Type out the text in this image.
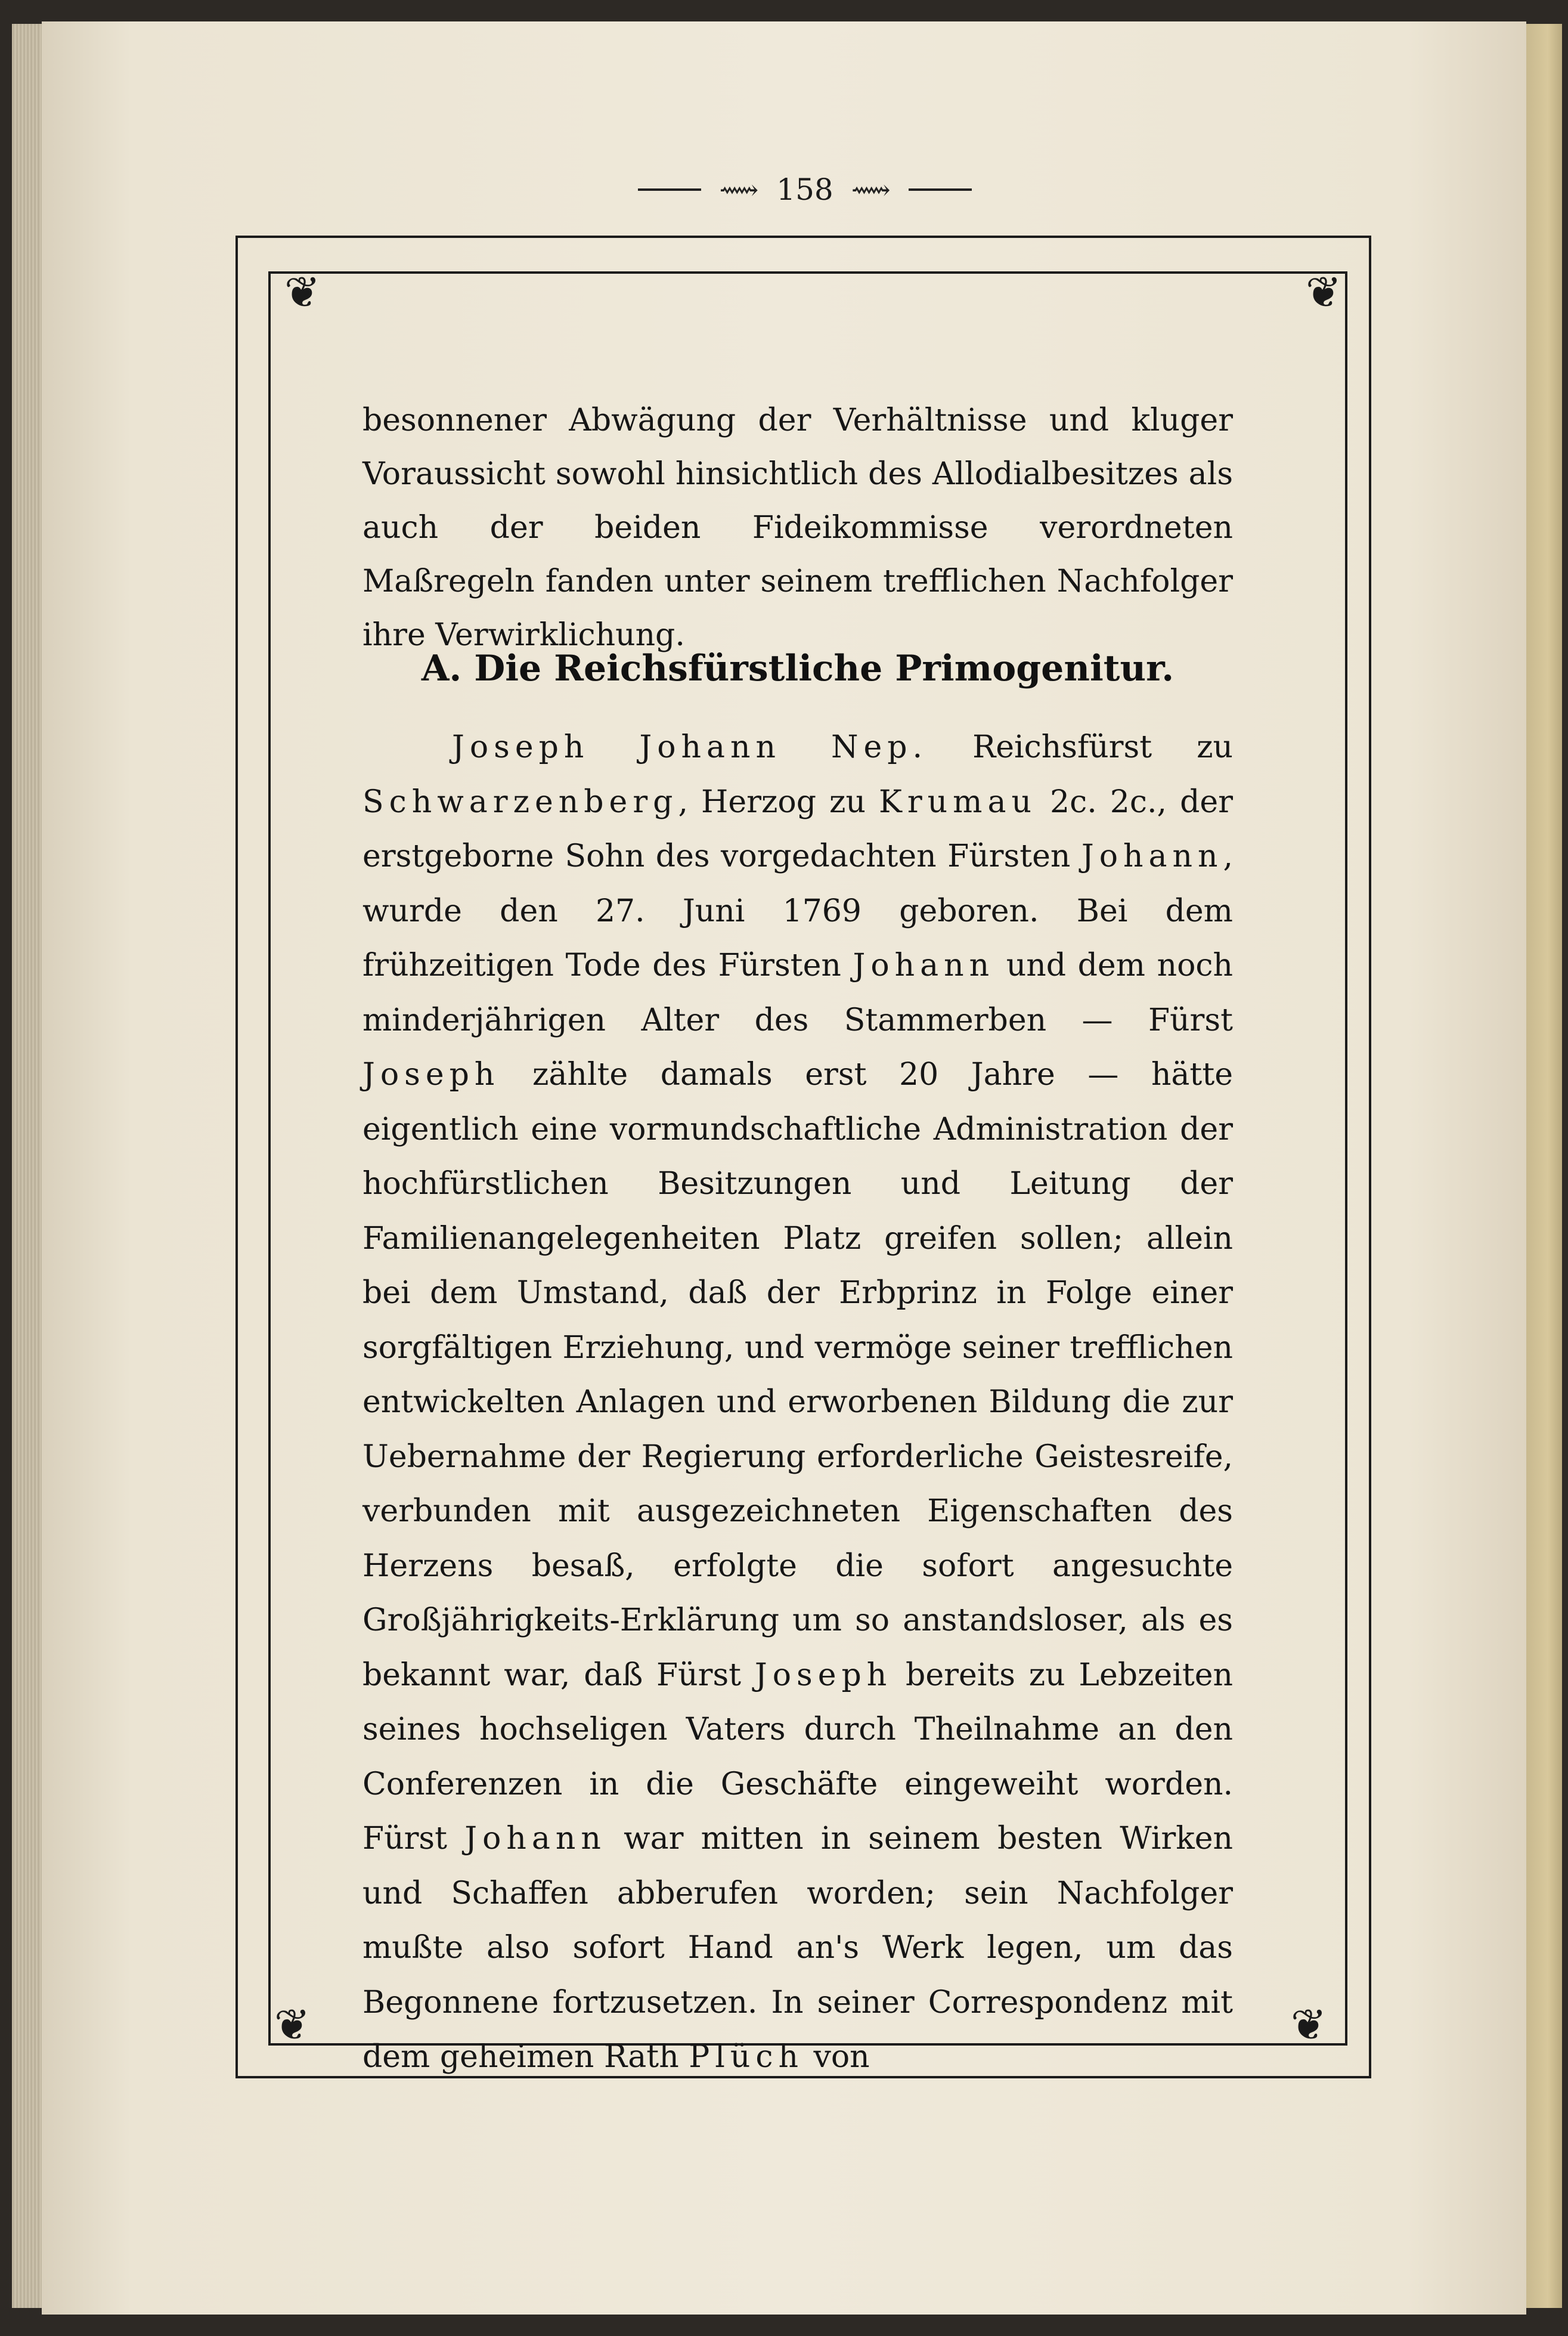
⟿ 158 ⟿
❦	❦
❦	❦

besonnener Abwägung der Verhältnisse und kluger Voraussicht sowohl hinsichtlich des Allodialbesitzes als auch der beiden Fideikommisse verordneten Maßregeln fanden unter seinem trefflichen Nachfolger ihre Verwirklichung.

A. Die Reichsfürstliche Primogenitur.

Joseph Johann Nep. Reichsfürst zu Schwarzenberg, Herzog zu Krumau 2c. 2c., der erstgeborne Sohn des vorgedachten Fürsten Johann, wurde den 27. Juni 1769 geboren. Bei dem frühzeitigen Tode des Fürsten Johann und dem noch minderjährigen Alter des Stammerben — Fürst Joseph zählte damals erst 20 Jahre — hätte eigentlich eine vormundschaftliche Administration der hochfürstlichen Besitzungen und Leitung der Familienangelegenheiten Platz greifen sollen; allein bei dem Umstand, daß der Erbprinz in Folge einer sorgfältigen Erziehung, und vermöge seiner trefflichen entwickelten Anlagen und erworbenen Bildung die zur Uebernahme der Regierung erforderliche Geistesreife, verbunden mit ausgezeichneten Eigenschaften des Herzens besaß, erfolgte die sofort angesuchte Großjährigkeits-Erklärung um so anstandsloser, als es bekannt war, daß Fürst Joseph bereits zu Lebzeiten seines hochseligen Vaters durch Theilnahme an den Conferenzen in die Geschäfte eingeweiht worden. Fürst Johann war mitten in seinem besten Wirken und Schaffen abberufen worden; sein Nachfolger mußte also sofort Hand an's Werk legen, um das Begonnene fortzusetzen. In seiner Correspondenz mit dem geheimen Rath Plüch von
